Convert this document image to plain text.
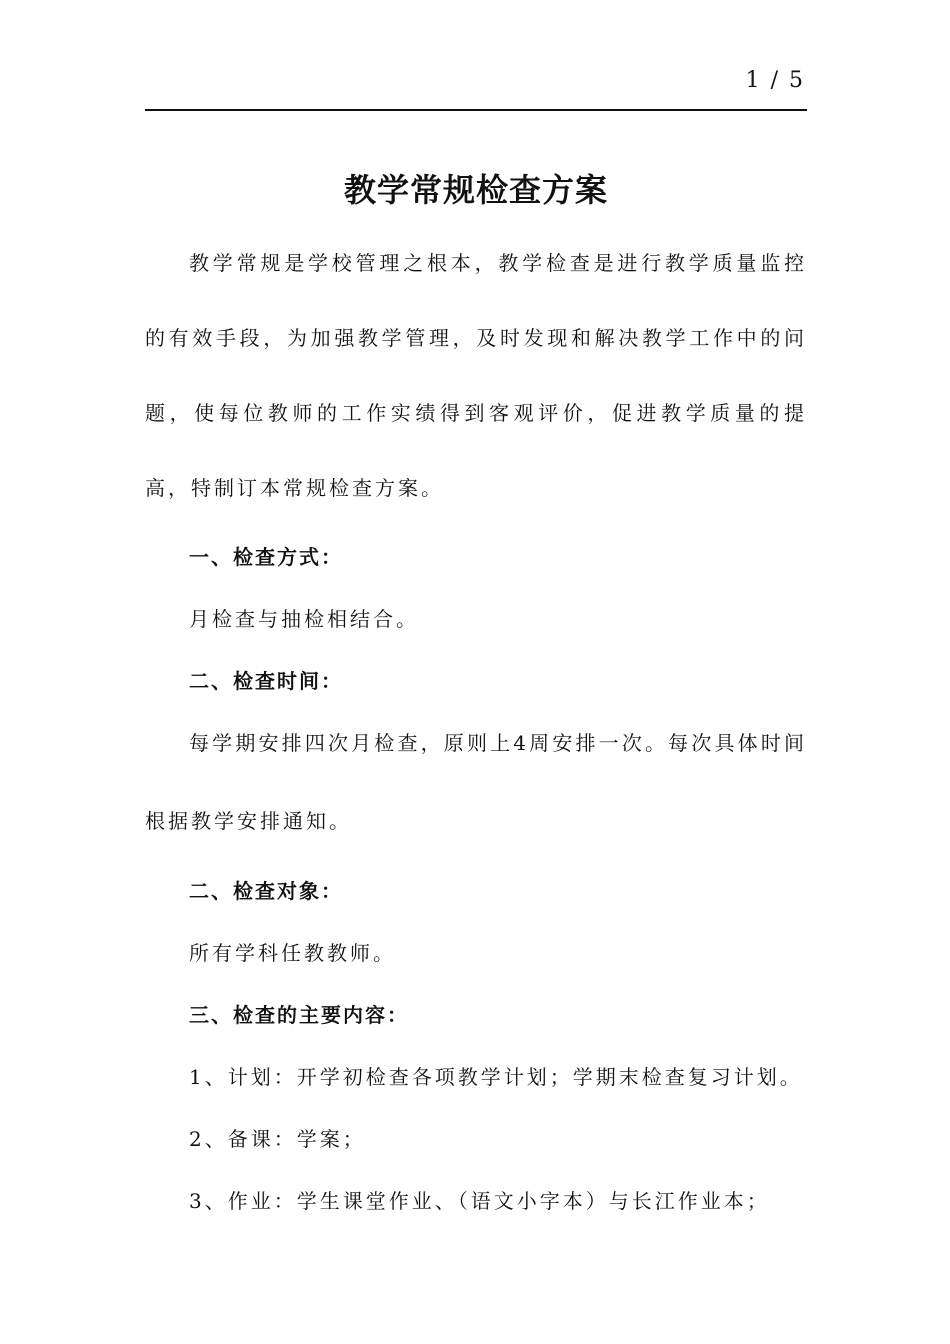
1 / 5
教学常规检查方案

教学常规是学校管理之根本，教学检查是进行教学质量监控的有效手段，为加强教学管理，及时发现和解决教学工作中的问题，使每位教师的工作实绩得到客观评价，促进教学质量的提高，特制订本常规检查方案。

一、检查方式：

月检查与抽检相结合。

二、检查时间：

每学期安排四次月检查，原则上4周安排一次。每次具体时间根据教学安排通知。

二、检查对象：

所有学科任教教师。

三、检查的主要内容：

1、计划：开学初检查各项教学计划；学期末检查复习计划。

2、备课：学案；

3、作业：学生课堂作业、（语文小字本）与长江作业本；
